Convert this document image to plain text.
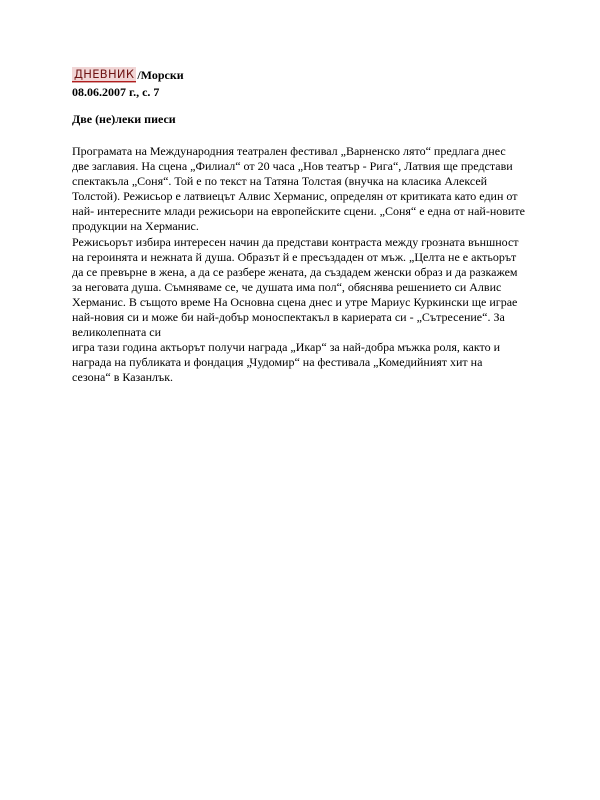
ДНЕВНИК /Морски
08.06.2007 г., с. 7
Две (не)леки пиеси
Програмата на Международния театрален фестивал „Варненско лято“ предлага днес
две заглавия. На сцена „Филиал“ от 20 часа „Нов театър - Рига“, Латвия ще представи
спектакъла „Соня“. Той е по текст на Татяна Толстая (внучка на класика Алексей
Толстой). Режисьор е латвиецът Алвис Херманис, определян от критиката като един от
най- интересните млади режисьори на европейските сцени. „Соня“ е една от най-новите
продукции на Херманис.
Режисьорът избира интересен начин да представи контраста между грозната външност
на героинята и нежната й душа. Образът й е пресъздаден от мъж. „Целта не е актьорът
да се превърне в жена, а да се разбере жената, да създадем женски образ и да разкажем
за неговата душа. Съмняваме се, че душата има пол“, обяснява решението си Алвис
Херманис. В същото време На Основна сцена днес и утре Мариус Куркински ще играе
най-новия си и може би най-добър моноспектакъл в кариерата си - „Сътресение“. За
великолепната си
игра тази година актьорът получи награда „Икар“ за най-добра мъжка роля, както и
награда на публиката и фондация „Чудомир“ на фестивала „Комедийният хит на
сезона“ в Казанлък.
